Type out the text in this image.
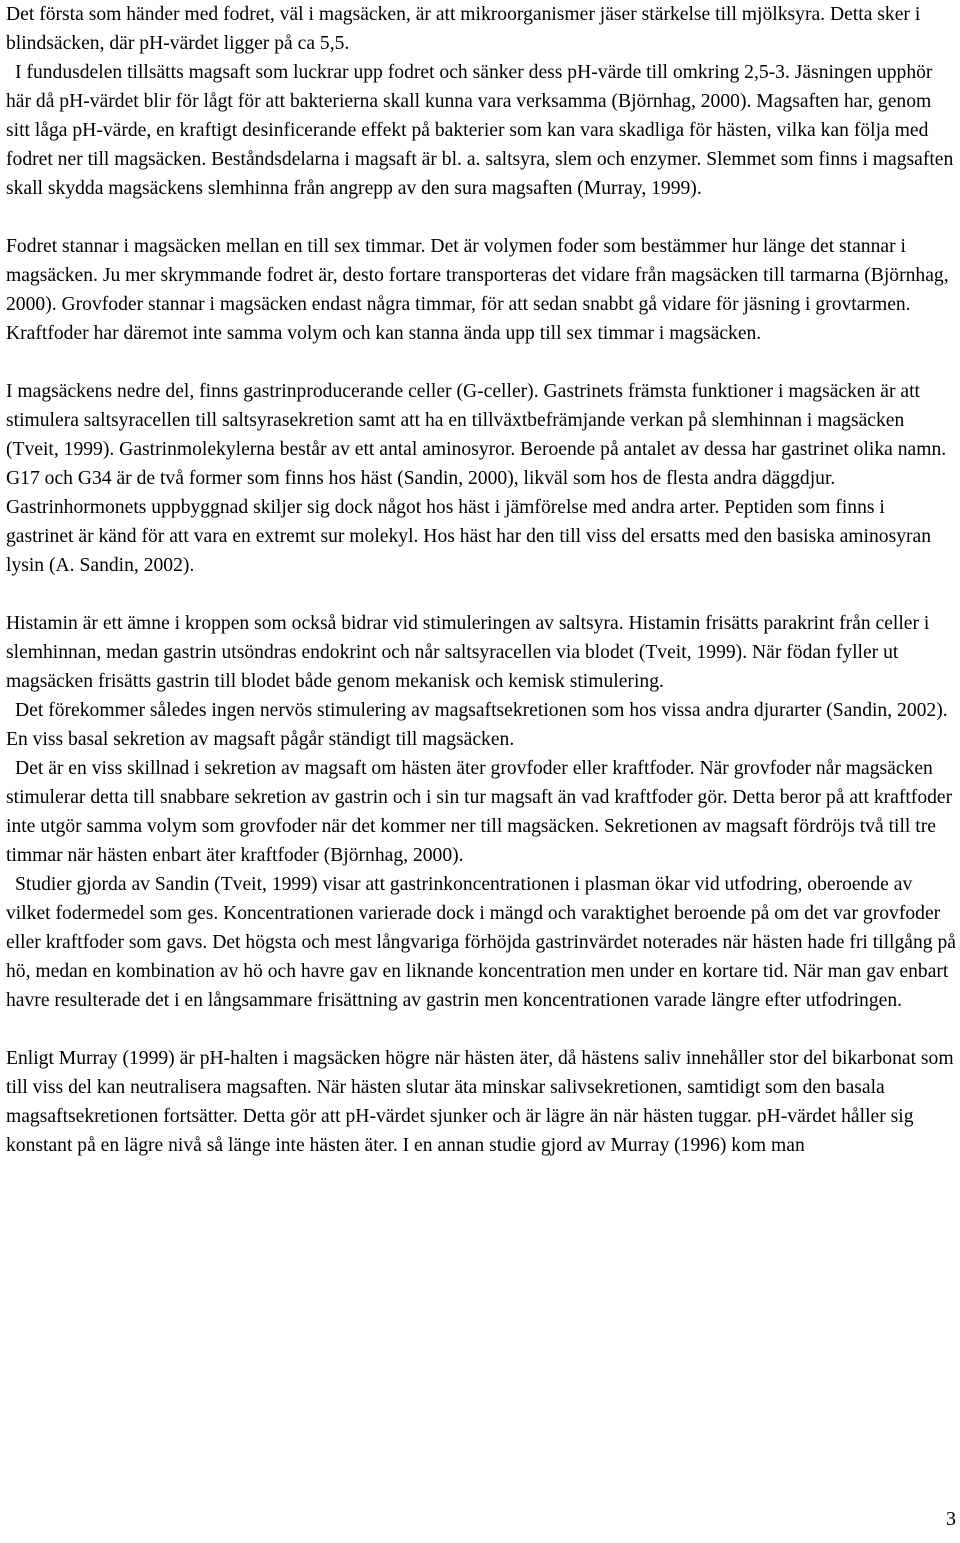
Det första som händer med fodret, väl i magsäcken, är att mikroorganismer jäser stärkelse till mjölksyra. Detta sker i blindsäcken, där pH-värdet ligger på ca 5,5.

I fundusdelen tillsätts magsaft som luckrar upp fodret och sänker dess pH-värde till omkring 2,5-3. Jäsningen upphör här då pH-värdet blir för lågt för att bakterierna skall kunna vara verksamma (Björnhag, 2000). Magsaften har, genom sitt låga pH-värde, en kraftigt desinficerande effekt på bakterier som kan vara skadliga för hästen, vilka kan följa med fodret ner till magsäcken. Beståndsdelarna i magsaft är bl. a. saltsyra, slem och enzymer. Slemmet som finns i magsaften skall skydda magsäckens slemhinna från angrepp av den sura magsaften (Murray, 1999).

Fodret stannar i magsäcken mellan en till sex timmar. Det är volymen foder som bestämmer hur länge det stannar i magsäcken. Ju mer skrymmande fodret är, desto fortare transporteras det vidare från magsäcken till tarmarna (Björnhag, 2000). Grovfoder stannar i magsäcken endast några timmar, för att sedan snabbt gå vidare för jäsning i grovtarmen. Kraftfoder har däremot inte samma volym och kan stanna ända upp till sex timmar i magsäcken.

I magsäckens nedre del, finns gastrinproducerande celler (G-celler). Gastrinets främsta funktioner i magsäcken är att stimulera saltsyracellen till saltsyrasekretion samt att ha en tillväxtbefrämjande verkan på slemhinnan i magsäcken (Tveit, 1999). Gastrinmolekylerna består av ett antal aminosyror. Beroende på antalet av dessa har gastrinet olika namn. G17 och G34 är de två former som finns hos häst (Sandin, 2000), likväl som hos de flesta andra däggdjur. Gastrinhormonets uppbyggnad skiljer sig dock något hos häst i jämförelse med andra arter. Peptiden som finns i gastrinet är känd för att vara en extremt sur molekyl. Hos häst har den till viss del ersatts med den basiska aminosyran lysin (A. Sandin, 2002).

Histamin är ett ämne i kroppen som också bidrar vid stimuleringen av saltsyra. Histamin frisätts parakrint från celler i slemhinnan, medan gastrin utsöndras endokrint och når saltsyracellen via blodet (Tveit, 1999). När födan fyller ut magsäcken frisätts gastrin till blodet både genom mekanisk och kemisk stimulering.

Det förekommer således ingen nervös stimulering av magsaftsekretionen som hos vissa andra djurarter (Sandin, 2002). En viss basal sekretion av magsaft pågår ständigt till magsäcken.

Det är en viss skillnad i sekretion av magsaft om hästen äter grovfoder eller kraftfoder. När grovfoder når magsäcken stimulerar detta till snabbare sekretion av gastrin och i sin tur magsaft än vad kraftfoder gör. Detta beror på att kraftfoder inte utgör samma volym som grovfoder när det kommer ner till magsäcken. Sekretionen av magsaft fördröjs två till tre timmar när hästen enbart äter kraftfoder (Björnhag, 2000).

Studier gjorda av Sandin (Tveit, 1999) visar att gastrinkoncentrationen i plasman ökar vid utfodring, oberoende av vilket fodermedel som ges. Koncentrationen varierade dock i mängd och varaktighet beroende på om det var grovfoder eller kraftfoder som gavs. Det högsta och mest långvariga förhöjda gastrinvärdet noterades när hästen hade fri tillgång på hö, medan en kombination av hö och havre gav en liknande koncentration men under en kortare tid. När man gav enbart havre resulterade det i en långsammare frisättning av gastrin men koncentrationen varade längre efter utfodringen.

Enligt Murray (1999) är pH-halten i magsäcken högre när hästen äter, då hästens saliv innehåller stor del bikarbonat som till viss del kan neutralisera magsaften. När hästen slutar äta minskar salivsekretionen, samtidigt som den basala magsaftsekretionen fortsätter. Detta gör att pH-värdet sjunker och är lägre än när hästen tuggar. pH-värdet håller sig konstant på en lägre nivå så länge inte hästen äter. I en annan studie gjord av Murray (1996) kom man

3
